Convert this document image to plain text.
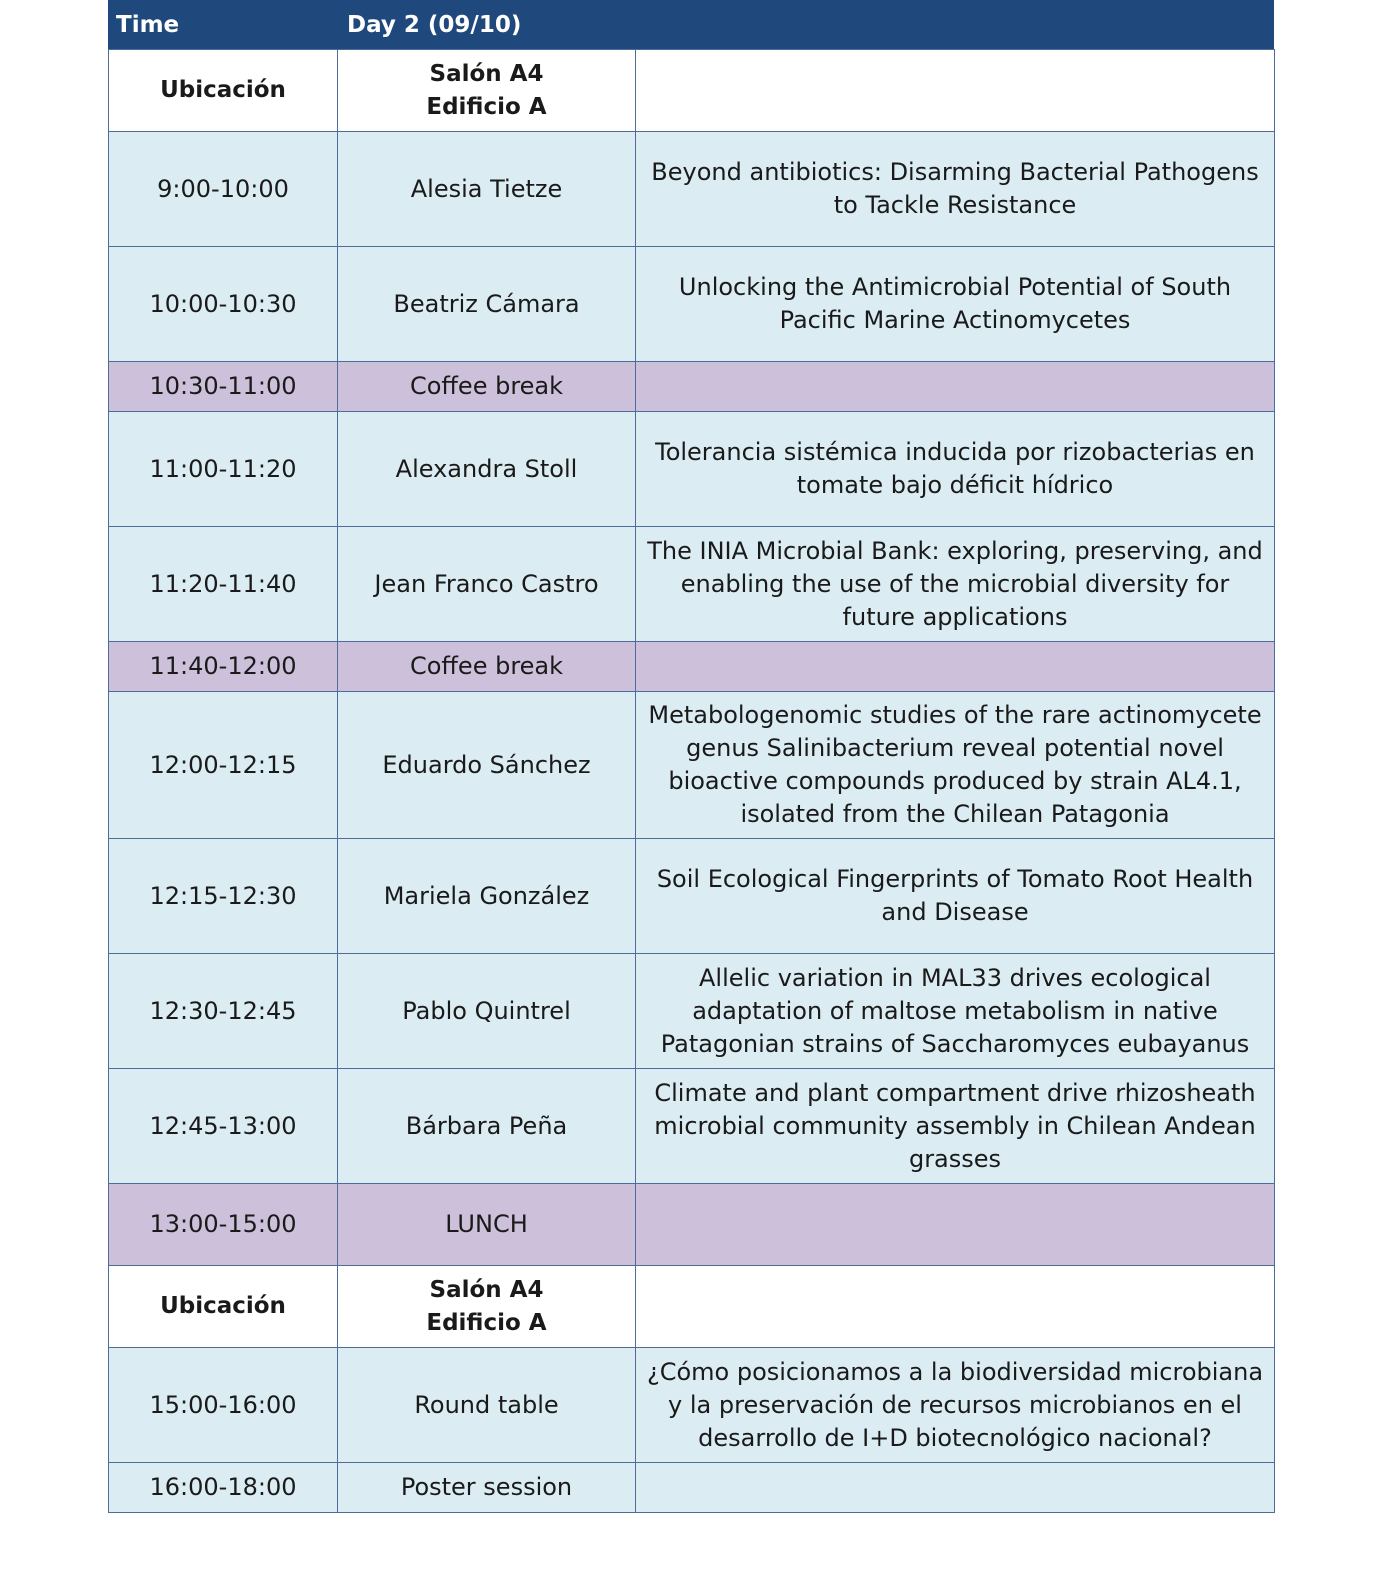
Time	Day 2 (09/10)
Ubicación	Salón A4
Edificio A	
9:00-10:00	Alesia Tietze	Beyond antibiotics: Disarming Bacterial Pathogens to Tackle Resistance
10:00-10:30	Beatriz Cámara	Unlocking the Antimicrobial Potential of South Pacific Marine Actinomycetes
10:30-11:00	Coffee break	
11:00-11:20	Alexandra Stoll	Tolerancia sistémica inducida por rizobacterias en tomate bajo déficit hídrico
11:20-11:40	Jean Franco Castro	The INIA Microbial Bank: exploring, preserving, and enabling the use of the microbial diversity for future applications
11:40-12:00	Coffee break	
12:00-12:15	Eduardo Sánchez	Metabologenomic studies of the rare actinomycete genus Salinibacterium reveal potential novel bioactive compounds produced by strain AL4.1, isolated from the Chilean Patagonia
12:15-12:30	Mariela González	Soil Ecological Fingerprints of Tomato Root Health and Disease
12:30-12:45	Pablo Quintrel	Allelic variation in MAL33 drives ecological adaptation of maltose metabolism in native Patagonian strains of Saccharomyces eubayanus
12:45-13:00	Bárbara Peña	Climate and plant compartment drive rhizosheath microbial community assembly in Chilean Andean grasses
13:00-15:00	LUNCH	
Ubicación	Salón A4
Edificio A	
15:00-16:00	Round table	¿Cómo posicionamos a la biodiversidad microbiana y la preservación de recursos microbianos en el desarrollo de I+D biotecnológico nacional?
16:00-18:00	Poster session	
